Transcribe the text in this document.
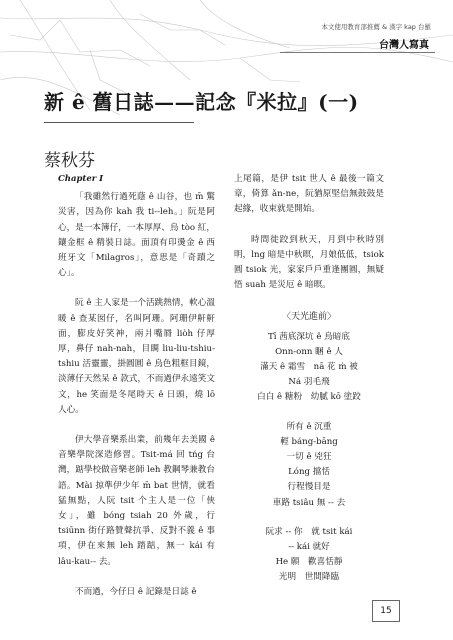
本文使用教育部推薦 & 漢字 kap 台羅
台灣人寫真
新 ê 舊日誌——記念『米拉』(一)
蔡秋芬

Chapter I

「我雖然行過死蔭 ê 山谷，也 m̄ 驚災害，因為你 kah 我 ti--leh。」阮是阿心，是一本簿仔，一本厚厚、烏 tòo 紅，鑲金框 ê 精裝日誌。面頂有印燙金 ê 西班牙文「Milagros」，意思是「奇蹟之心」。

阮 ê 主人家是一个活跳熱情，軟心溫暖 ê 查某囡仔，名叫阿珊。阿珊伊鼾鼾面，膨皮好笑神，兩爿嘴脣 liòh 仔厚厚，鼻仔 nah-nah，目睭 liu-liu-tshiu-tshiu 活靈靈，掛圓圓 ê 烏色粗框目鏡，淡薄仔天然呆 ê 款式，不而過伊永遠笑文文，he 笑面是冬尾時天 ê 日頭，燒 lō 人心。

伊大學音樂系出業，前幾年去美國 ê 音樂學院深造修習。Tsit-má 回 tńg 台灣，踮學校做音樂老師 leh 教鋼琴兼教台語。Mài 掠準伊少年 m̄ bat 世情，就看猛無點，人阮 tsit 个主人是一位「俠女」，雖 bóng tsiah 20 外歲，行 tsiūnn 街仔路贊聲抗爭、反對不義 ê 事項，伊在來無 leh 踏踮，無一 kái 有 lâu-kau-- 去。

不而過，今仔日 ê 記錄是日誌 ê

上尾篇，是伊 tsit 世人 ê 最後一篇文章，倚算 ǎn-ne，阮猶原堅信無鼓鼓是起緣，收束就是開始。

時間徙跤到秋天，月到中秋時別明，lng 暗是中秋暝，月娘低低，tsiok 圓 tsiok 光，家家戶戶重逢團圓，無疑悟 suah 是災厄 ê 暗暝。

〈天光進前〉

Tī 茜底深坑 ê 烏暗底

Onn-onn 睏 ê 人

滿天 ê 霜雪　nā 花 ṁ 被

Ná 羽毛飛

白白 ê 糖粉　幼膩 kō 塗跤

所有 ê 沉重

輕 báng-bāng

一切 ê 兇狂

Lóng 擋恬

行程慢目是

車路 tsiâu 無 -- 去

阮求 -- 你　就 tsit kái

-- kái 就好

He 願　歡喜恬靜

光明　世間降臨

15
